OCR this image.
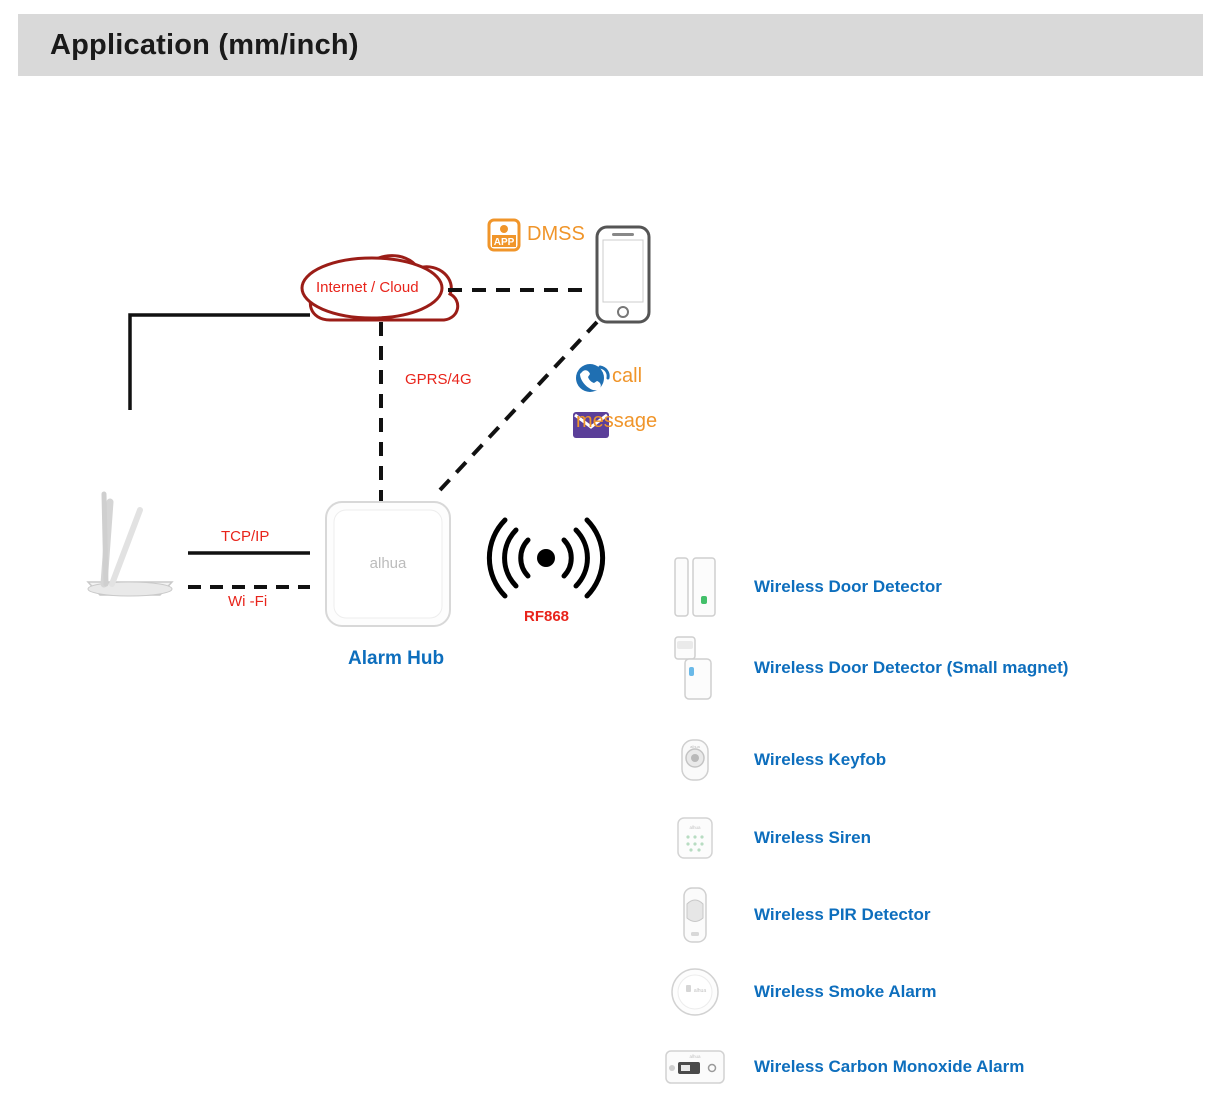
Application (mm/inch)
alhua
APP
Internet / Cloud
DMSS
call
message
GPRS/4G
TCP/IP
Wi -Fi
RF868
Alarm Hub
Wireless Door Detector
Wireless Door Detector (Small magnet)
alhua
Wireless Keyfob
alhua
Wireless Siren
Wireless PIR Detector
alhua	Wireless Smoke Alarm
alhua
Wireless Carbon Monoxide Alarm
